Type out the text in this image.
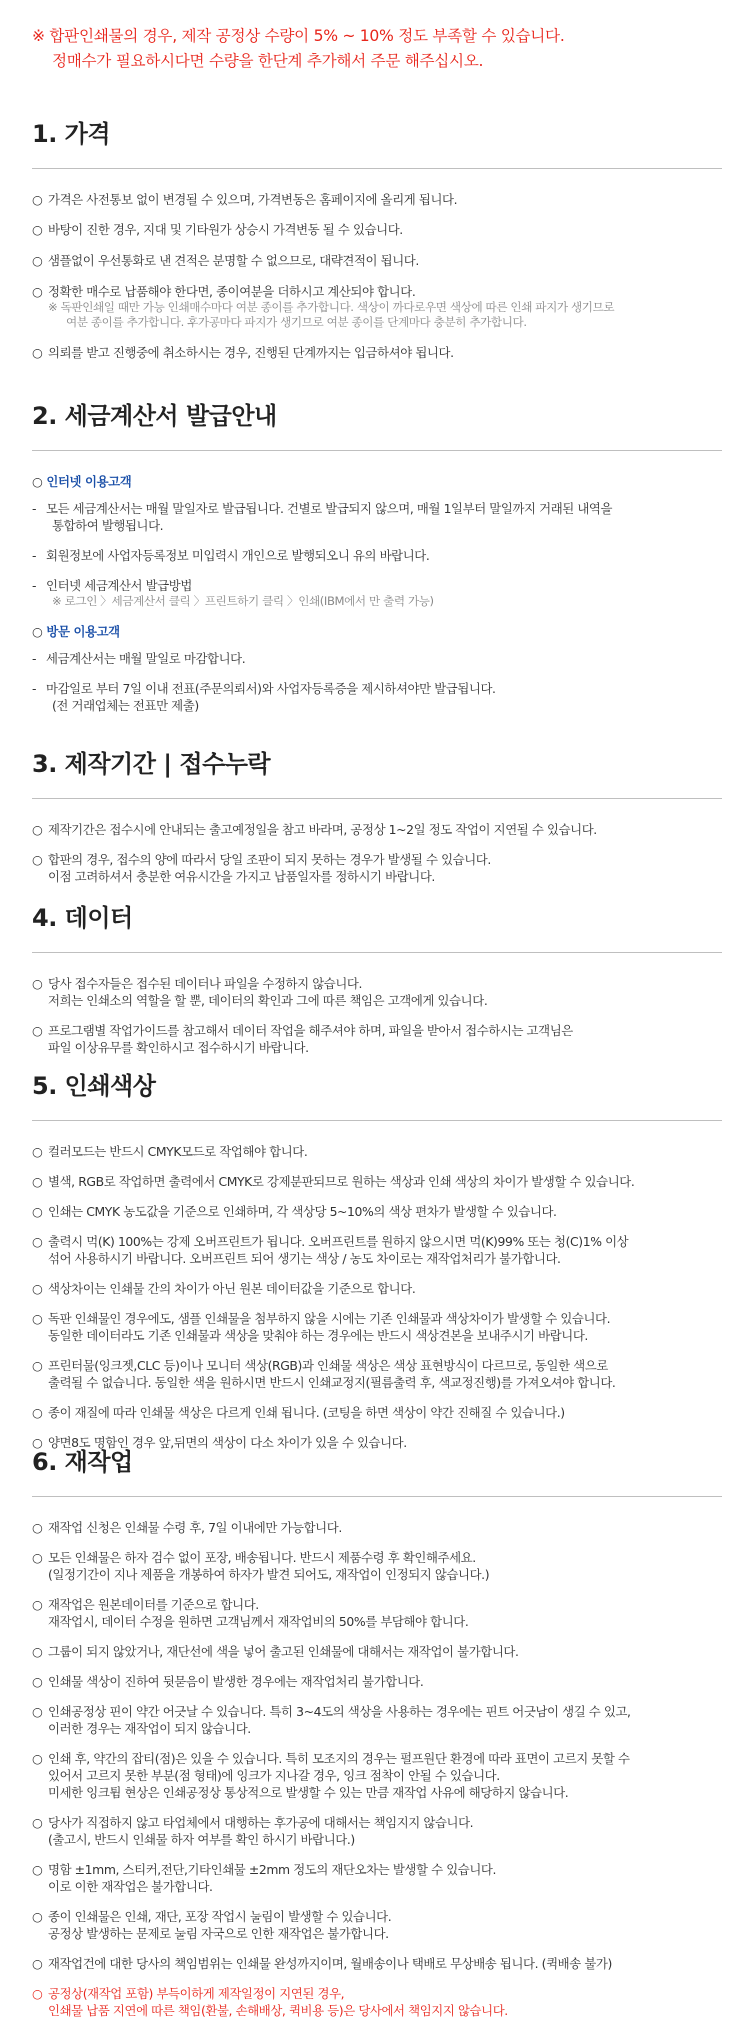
※ 합판인쇄물의 경우, 제작 공정상 수량이 5% ~ 10% 정도 부족할 수 있습니다.
정매수가 필요하시다면 수량을 한단계 추가해서 주문 해주십시오.
1. 가격
○ 가격은 사전통보 없이 변경될 수 있으며, 가격변동은 홈페이지에 올리게 됩니다.
○ 바탕이 진한 경우, 지대 및 기타원가 상승시 가격변동 될 수 있습니다.
○ 샘플없이 우선통화로 낸 견적은 분명할 수 없으므로, 대략견적이 됩니다.
○ 정확한 매수로 납품해야 한다면, 종이여분을 더하시고 계산되야 합니다.
※ 독판인쇄일 때만 가능 인쇄매수마다 여분 종이를 추가합니다. 색상이 까다로우면 색상에 따른 인쇄 파지가 생기므로
여분 종이를 추가합니다. 후가공마다 파지가 생기므로 여분 종이를 단계마다 충분히 추가합니다.
○ 의뢰를 받고 진행중에 취소하시는 경우, 진행된 단계까지는 입금하셔야 됩니다.
2. 세금계산서 발급안내
○ 인터넷 이용고객
- 모든 세금계산서는 매월 말일자로 발급됩니다. 건별로 발급되지 않으며, 매월 1일부터 말일까지 거래된 내역을
통합하여 발행됩니다.
- 회원정보에 사업자등록정보 미입력시 개인으로 발행되오니 유의 바랍니다.
- 인터넷 세금계산서 발급방법
※ 로그인 〉세금계산서 클릭 〉프린트하기 클릭 〉인쇄(IBM에서 만 출력 가능)
○ 방문 이용고객
- 세금계산서는 매월 말일로 마감합니다.
- 마감일로 부터 7일 이내 전표(주문의뢰서)와 사업자등록증을 제시하셔야만 발급됩니다.
(전 거래업체는 전표만 제출)
3. 제작기간 | 접수누락
○ 제작기간은 접수시에 안내되는 출고예정일을 참고 바라며, 공정상 1~2일 정도 작업이 지연될 수 있습니다.
○ 합판의 경우, 접수의 양에 따라서 당일 조판이 되지 못하는 경우가 발생될 수 있습니다.
이점 고려하셔서 충분한 여유시간을 가지고 납품일자를 정하시기 바랍니다.
4. 데이터
○ 당사 접수자들은 접수된 데이터나 파일을 수정하지 않습니다.
저희는 인쇄소의 역할을 할 뿐, 데이터의 확인과 그에 따른 책임은 고객에게 있습니다.
○ 프로그램별 작업가이드를 참고해서 데이터 작업을 해주셔야 하며, 파일을 받아서 접수하시는 고객님은
파일 이상유무를 확인하시고 접수하시기 바랍니다.
5. 인쇄색상
○ 컬러모드는 반드시 CMYK모드로 작업해야 합니다.
○ 별색, RGB로 작업하면 출력에서 CMYK로 강제분판되므로 원하는 색상과 인쇄 색상의 차이가 발생할 수 있습니다.
○ 인쇄는 CMYK 농도값을 기준으로 인쇄하며, 각 색상당 5~10%의 색상 편차가 발생할 수 있습니다.
○ 출력시 먹(K) 100%는 강제 오버프린트가 됩니다. 오버프린트를 원하지 않으시면 먹(K)99% 또는 청(C)1% 이상
섞어 사용하시기 바랍니다. 오버프린트 되어 생기는 색상 / 농도 차이로는 재작업처리가 불가합니다.
○ 색상차이는 인쇄물 간의 차이가 아닌 원본 데이터값을 기준으로 합니다.
○ 독판 인쇄물인 경우에도, 샘플 인쇄물을 첨부하지 않을 시에는 기존 인쇄물과 색상차이가 발생할 수 있습니다.
동일한 데이터라도 기존 인쇄물과 색상을 맞춰야 하는 경우에는 반드시 색상견본을 보내주시기 바랍니다.
○ 프린터물(잉크젯,CLC 등)이나 모니터 색상(RGB)과 인쇄물 색상은 색상 표현방식이 다르므로, 동일한 색으로
출력될 수 없습니다. 동일한 색을 원하시면 반드시 인쇄교정지(필름출력 후, 색교정진행)를 가져오셔야 합니다.
○ 종이 재질에 따라 인쇄물 색상은 다르게 인쇄 됩니다. (코팅을 하면 색상이 약간 진해질 수 있습니다.)
○ 양면8도 명함인 경우 앞,뒤면의 색상이 다소 차이가 있을 수 있습니다.
6. 재작업
○ 재작업 신청은 인쇄물 수령 후, 7일 이내에만 가능합니다.
○ 모든 인쇄물은 하자 검수 없이 포장, 배송됩니다. 반드시 제품수령 후 확인해주세요.
(일정기간이 지나 제품을 개봉하여 하자가 발견 되어도, 재작업이 인정되지 않습니다.)
○ 재작업은 원본데이터를 기준으로 합니다.
재작업시, 데이터 수정을 원하면 고객님께서 재작업비의 50%를 부담해야 합니다.
○ 그룹이 되지 않았거나, 재단선에 색을 넣어 출고된 인쇄물에 대해서는 재작업이 불가합니다.
○ 인쇄물 색상이 진하여 뒷묻음이 발생한 경우에는 재작업처리 불가합니다.
○ 인쇄공정상 핀이 약간 어긋날 수 있습니다. 특히 3~4도의 색상을 사용하는 경우에는 핀트 어긋남이 생길 수 있고,
이러한 경우는 재작업이 되지 않습니다.
○ 인쇄 후, 약간의 잡티(점)은 있을 수 있습니다. 특히 모조지의 경우는 펄프원단 환경에 따라 표면이 고르지 못할 수
있어서 고르지 못한 부분(점 형태)에 잉크가 지나갈 경우, 잉크 점착이 안될 수 있습니다.
미세한 잉크튐 현상은 인쇄공정상 통상적으로 발생할 수 있는 만큼 재작업 사유에 해당하지 않습니다.
○ 당사가 직접하지 않고 타업체에서 대행하는 후가공에 대해서는 책임지지 않습니다.
(출고시, 반드시 인쇄물 하자 여부를 확인 하시기 바랍니다.)
○ 명함 ±1mm, 스티커,전단,기타인쇄물 ±2mm 정도의 재단오차는 발생할 수 있습니다.
이로 이한 재작업은 불가합니다.
○ 종이 인쇄물은 인쇄, 재단, 포장 작업시 눌림이 발생할 수 있습니다.
공정상 발생하는 문제로 눌림 자국으로 인한 재작업은 불가합니다.
○ 재작업건에 대한 당사의 책임범위는 인쇄물 완성까지이며, 월배송이나 택배로 무상배송 됩니다. (퀵배송 불가)
○ 공정상(재작업 포함) 부득이하게 제작일정이 지연된 경우,
인쇄물 납품 지연에 따른 책임(환불, 손해배상, 퀵비용 등)은 당사에서 책임지지 않습니다.
